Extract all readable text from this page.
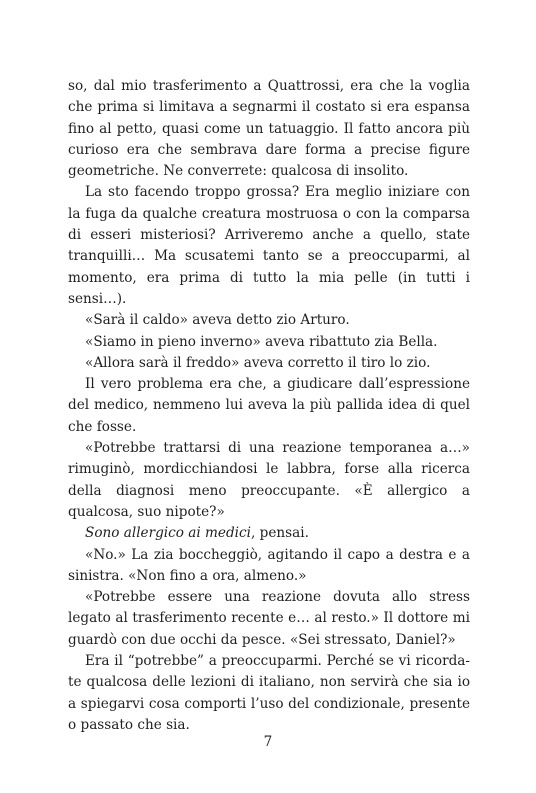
so, dal mio trasferimento a Quattrossi, era che la voglia che prima si limitava a segnarmi il costato si era espansa fino al petto, quasi come un tatuaggio. Il fatto ancora più curioso era che sembrava dare forma a precise figure geometriche. Ne converrete: qualcosa di insolito.

La sto facendo troppo grossa? Era meglio iniziare con la fuga da qualche creatura mostruosa o con la comparsa di esseri misteriosi? Arriveremo anche a quello, state tranquilli… Ma scusatemi tanto se a preoccuparmi, al momento, era prima di tutto la mia pelle (in tutti i sensi…).

«Sarà il caldo» aveva detto zio Arturo.

«Siamo in pieno inverno» aveva ribattuto zia Bella.

«Allora sarà il freddo» aveva corretto il tiro lo zio.

Il vero problema era che, a giudicare dall’espressione del medico, nemmeno lui aveva la più pallida idea di quel che fosse.

«Potrebbe trattarsi di una reazione temporanea a…» rimuginò, mordicchiandosi le labbra, forse alla ricerca della diagnosi meno preoccupante. «È allergico a qualcosa, suo nipote?»

Sono allergico ai medici, pensai.

«No.» La zia boccheggiò, agitando il capo a destra e a sinistra. «Non fino a ora, almeno.»

«Potrebbe essere una reazione dovuta allo stress legato al trasferimento recente e… al resto.» Il dottore mi guardò con due occhi da pesce. «Sei stressato, Daniel?»

Era il “potrebbe” a preoccuparmi. Perché se vi ricordate qualcosa delle lezioni di italiano, non servirà che sia io a spiegarvi cosa comporti l’uso del condizionale, presente o passato che sia.

7
